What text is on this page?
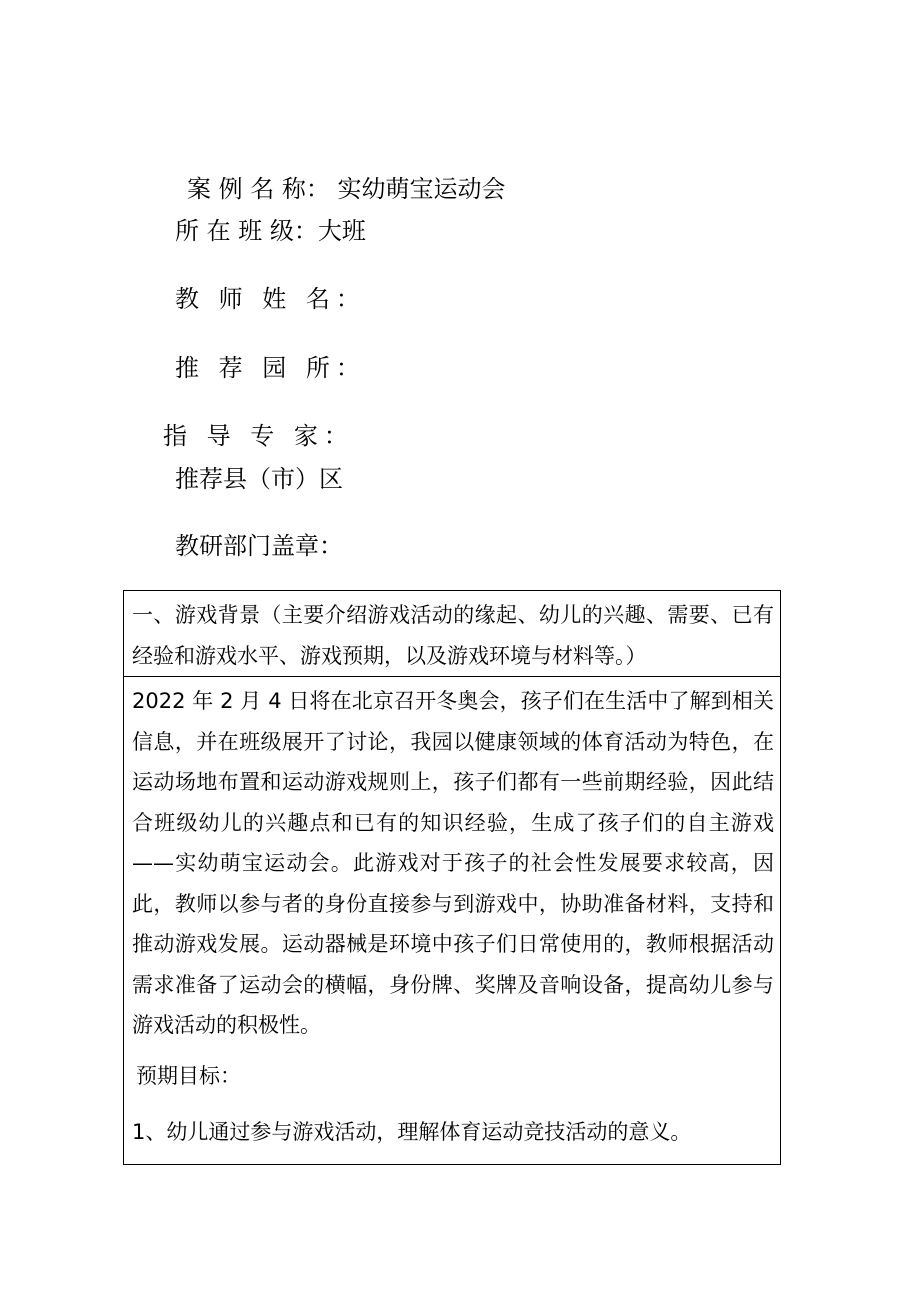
案 例 名 称： 实幼萌宝运动会
所 在 班 级：大班
教 师 姓 名：
推 荐 园 所：
指 导 专 家：
推荐县（市）区
教研部门盖章：
一、游戏背景（主要介绍游戏活动的缘起、幼儿的兴趣、需要、已有经验和游戏水平、游戏预期，以及游戏环境与材料等。）
2022 年 2 月 4 日将在北京召开冬奥会，孩子们在生活中了解到相关信息，并在班级展开了讨论，我园以健康领域的体育活动为特色，在运动场地布置和运动游戏规则上，孩子们都有一些前期经验，因此结合班级幼儿的兴趣点和已有的知识经验，生成了孩子们的自主游戏——实幼萌宝运动会。此游戏对于孩子的社会性发展要求较高，因此，教师以参与者的身份直接参与到游戏中，协助准备材料，支持和推动游戏发展。运动器械是环境中孩子们日常使用的，教师根据活动需求准备了运动会的横幅，身份牌、奖牌及音响设备，提高幼儿参与游戏活动的积极性。
预期目标：
1、幼儿通过参与游戏活动，理解体育运动竞技活动的意义。
